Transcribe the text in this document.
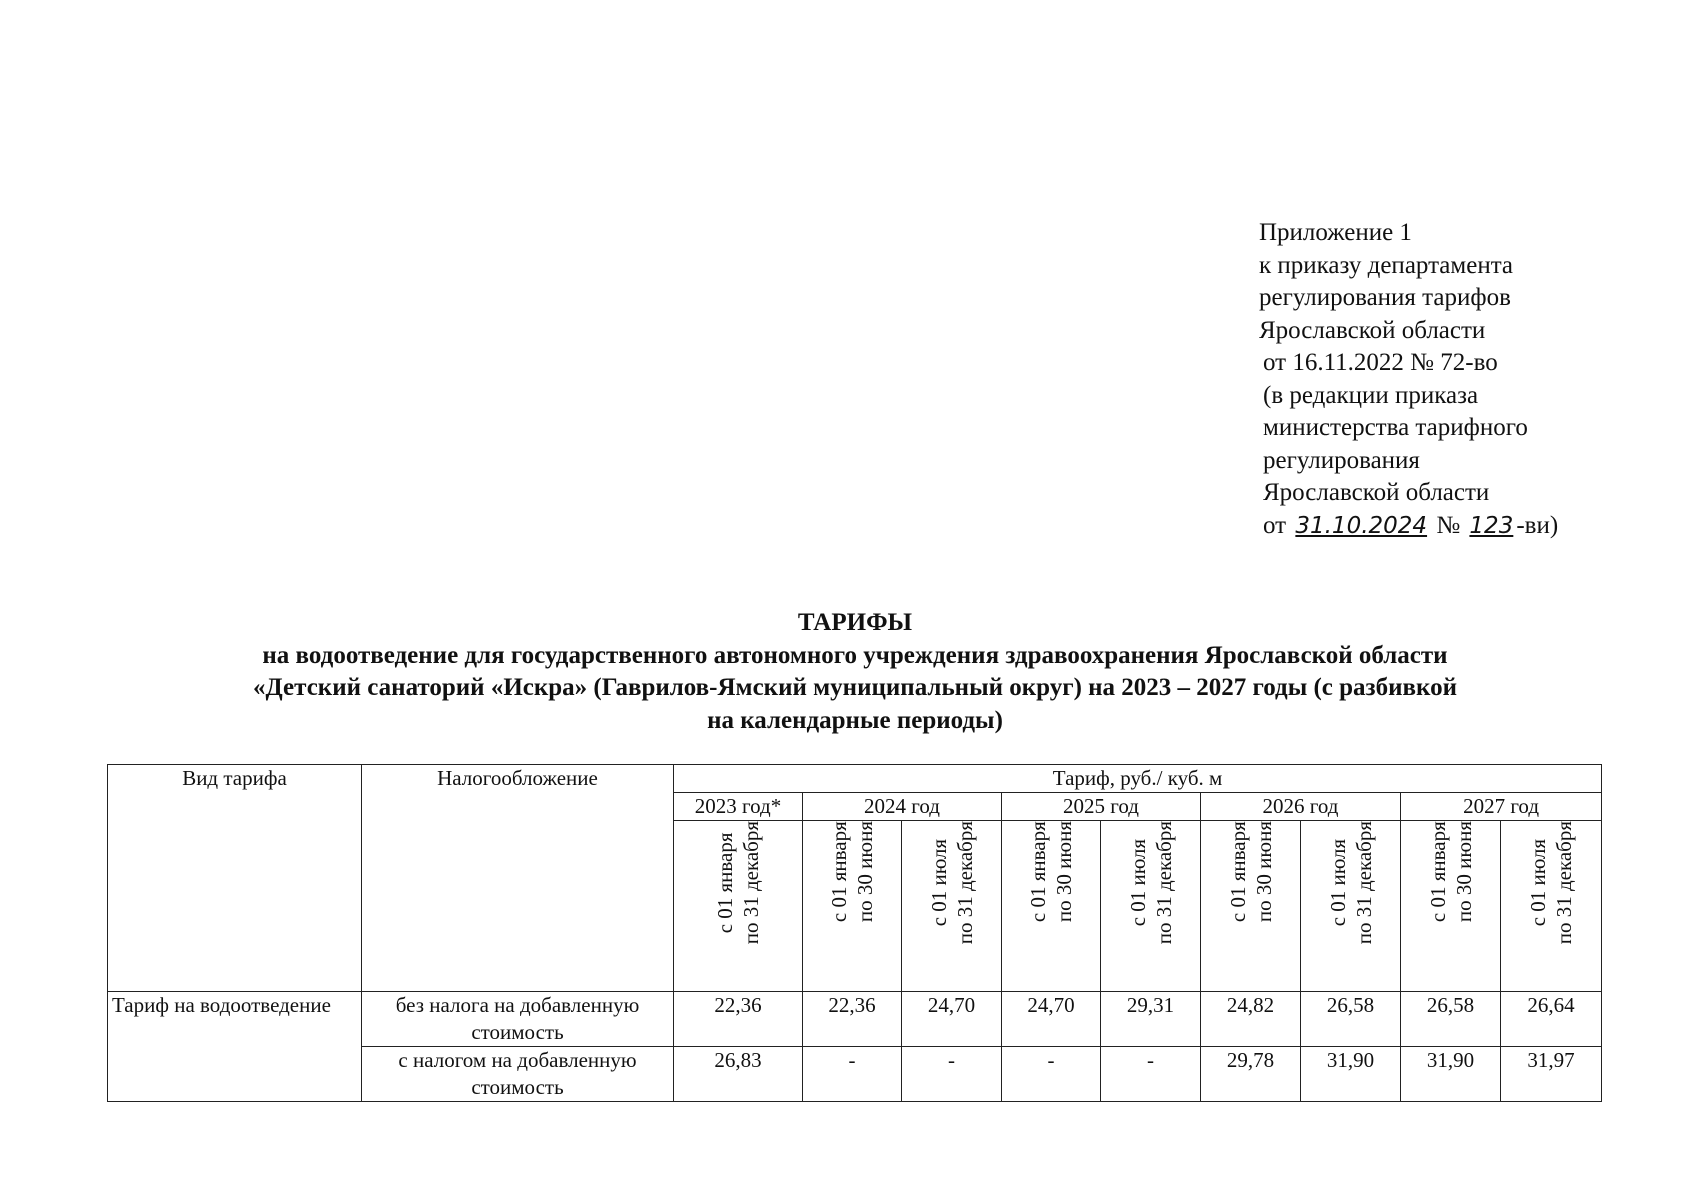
Приложение 1
к приказу департамента
регулирования тарифов
Ярославской области
от 16.11.2022 № 72-во
(в редакции приказа
министерства тарифного
регулирования
Ярославской области
от 31.10.2024 № 123 -ви)
ТАРИФЫ
на водоотведение для государственного автономного учреждения здравоохранения Ярославской области
«Детский санаторий «Искра» (Гаврилов-Ямский муниципальный округ) на 2023 – 2027 годы (с разбивкой
на календарные периоды)
Вид тарифа	Налогообложение	Тариф, руб./ куб. м								
		2023 год*	2024 год		2025 год		2026 год		2027 год	

		с 01 января
по 31 декабря	с 01 января
по 30 июня	с 01 июля
по 31 декабря	с 01 января
по 30 июня	с 01 июля
по 31 декабря	с 01 января
по 30 июня	с 01 июля
по 31 декабря	с 01 января
по 30 июня	с 01 июля
по 31 декабря

Тариф на водоотведение	без налога на добавленную стоимость	22,36	22,36	24,70	24,70	29,31	24,82	26,58	26,58	26,64
	с налогом на добавленную стоимость	26,83	-	-	-	-	29,78	31,90	31,90	31,97
